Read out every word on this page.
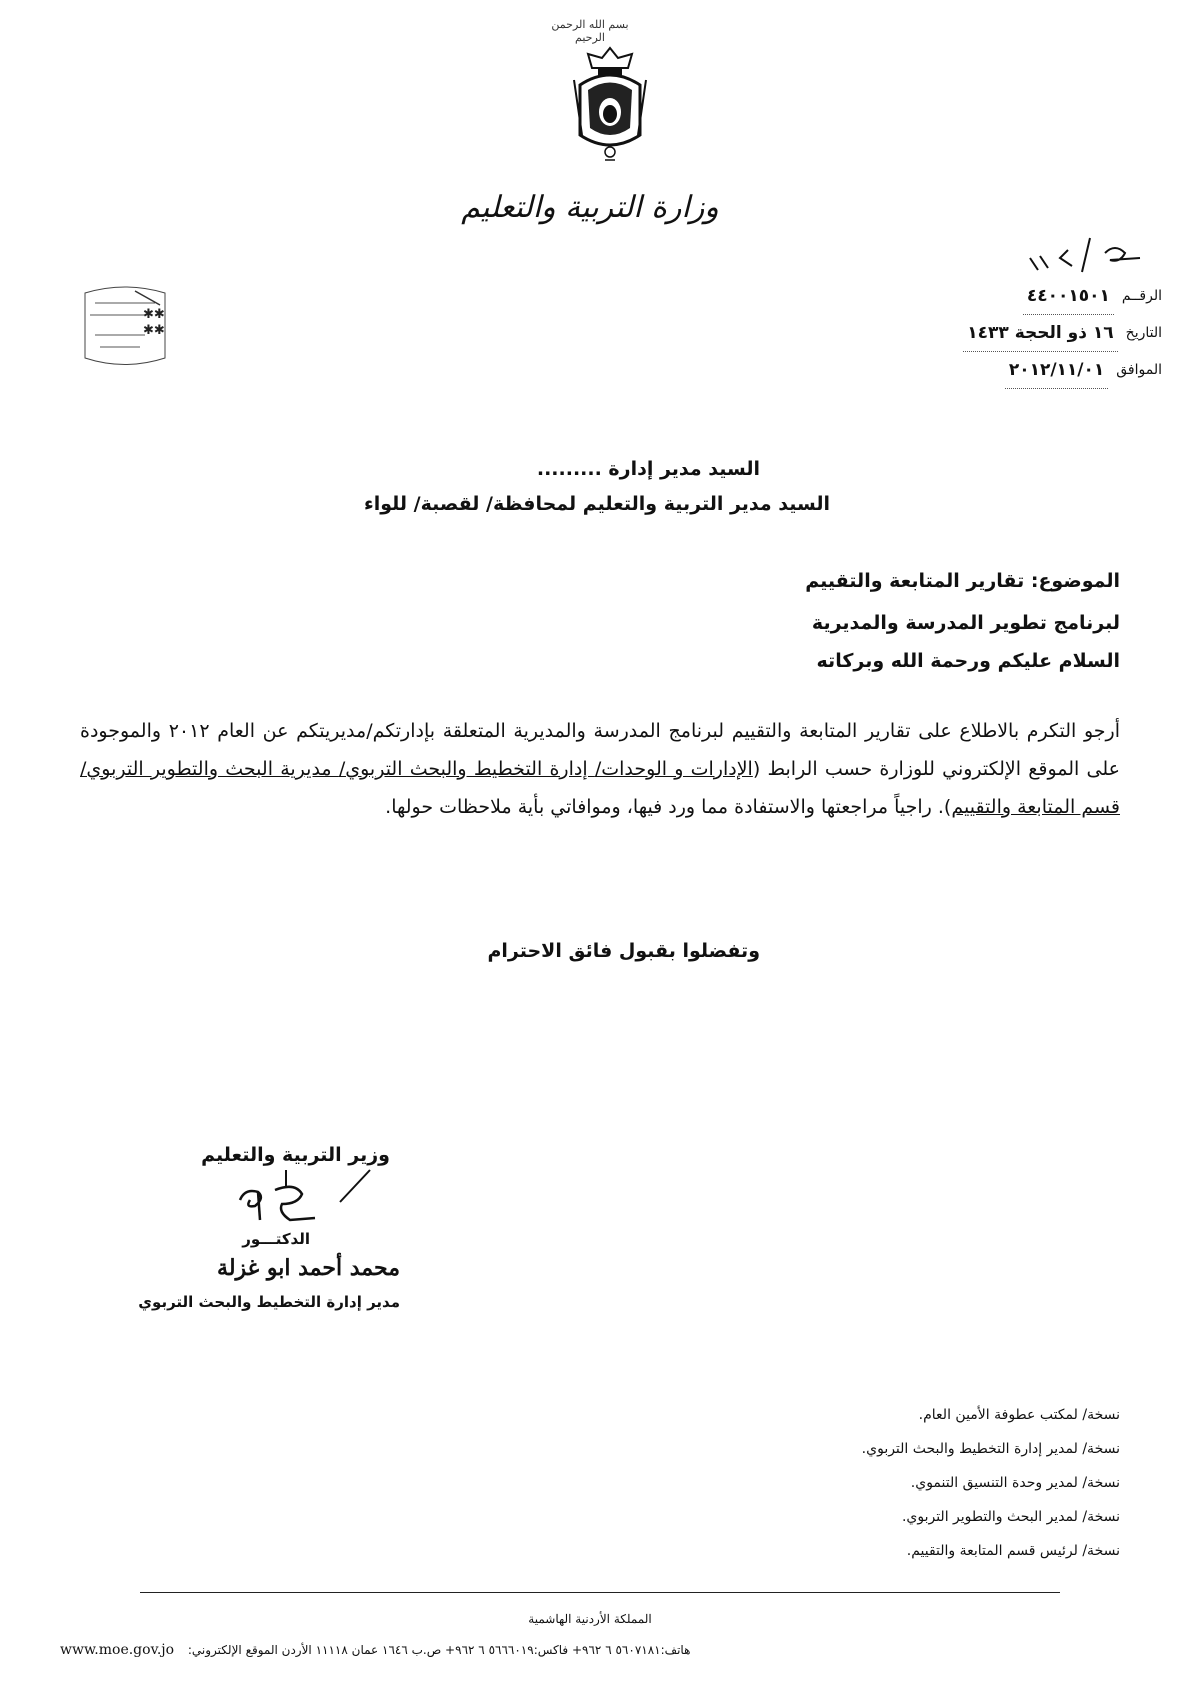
بسم الله الرحمن الرحيم
وزارة التربية والتعليم
✱✱
✱✱
الرقــم
٤٤٠٠١٥٠١
التاريخ
١٦ ذو الحجة ١٤٣٣
الموافق
٢٠١٢/١١/٠١
السيد مدير إدارة .........
السيد مدير التربية والتعليم لمحافظة/ لقصبة/ للواء
الموضوع: تقارير المتابعة والتقييم
لبرنامج تطوير المدرسة والمديرية
السلام عليكم ورحمة الله وبركاته
أرجو التكرم بالاطلاع على تقارير المتابعة والتقييم لبرنامج المدرسة والمديرية المتعلقة بإدارتكم/مديريتكم عن العام ٢٠١٢ والموجودة على الموقع الإلكتروني للوزارة حسب الرابط (الإدارات و الوحدات/ إدارة التخطيط والبحث التربوي/ مديرية البحث والتطوير التربوي/ قسم المتابعة والتقييم). راجياً مراجعتها والاستفادة مما ورد فيها، وموافاتي بأية ملاحظات حولها.
وتفضلوا بقبول فائق الاحترام
وزير التربية والتعليم
الدكتـــور
محمد أحمد ابو غزلة
مدير إدارة التخطيط والبحث التربوي
نسخة/ لمكتب عطوفة الأمين العام.
نسخة/ لمدير إدارة التخطيط والبحث التربوي.
نسخة/ لمدير وحدة التنسيق التنموي.
نسخة/ لمدير البحث والتطوير التربوي.
نسخة/ لرئيس قسم المتابعة والتقييم.
المملكة الأردنية الهاشمية
www.moe.gov.jo هاتف:٥٦٠٧١٨١ ٦ ٩٦٢+ فاكس:٥٦٦٦٠١٩ ٦ ٩٦٢+ ص.ب ١٦٤٦ عمان ١١١١٨ الأردن الموقع الإلكتروني:
